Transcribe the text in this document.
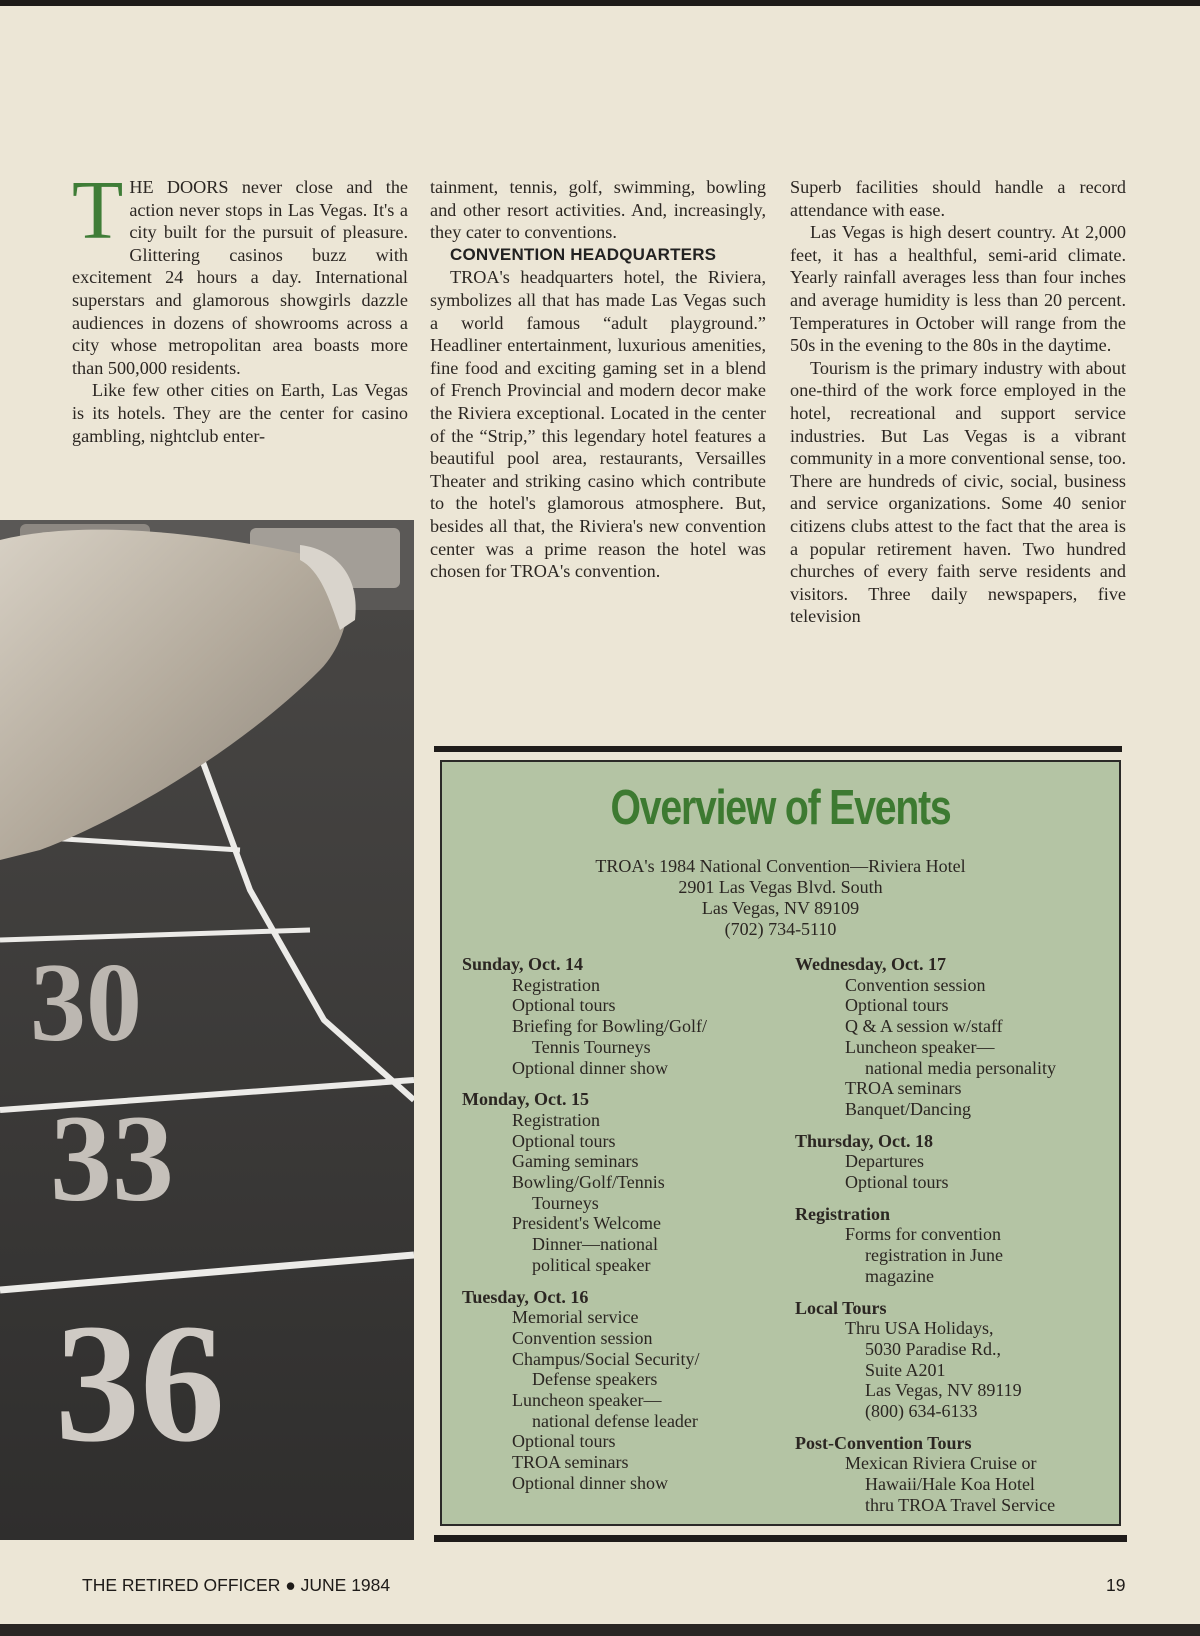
THE DOORS never close and the action never stops in Las Vegas. It's a city built for the pursuit of pleasure. Glittering casinos buzz with excitement 24 hours a day. International superstars and glamorous showgirls dazzle audiences in dozens of showrooms across a city whose metropolitan area boasts more than 500,000 residents.

Like few other cities on Earth, Las Vegas is its hotels. They are the center for casino gambling, nightclub enter-

tainment, tennis, golf, swimming, bowling and other resort activities. And, increasingly, they cater to conventions.

CONVENTION HEADQUARTERS

TROA's headquarters hotel, the Riviera, symbolizes all that has made Las Vegas such a world famous “adult playground.” Headliner entertainment, luxurious amenities, fine food and exciting gaming set in a blend of French Provincial and modern decor make the Riviera exceptional. Located in the center of the “Strip,” this legendary hotel features a beautiful pool area, restaurants, Versailles Theater and striking casino which contribute to the hotel's glamorous atmosphere. But, besides all that, the Riviera's new convention center was a prime reason the hotel was chosen for TROA's convention.

Superb facilities should handle a record attendance with ease.

Las Vegas is high desert country. At 2,000 feet, it has a healthful, semi-arid climate. Yearly rainfall averages less than four inches and average humidity is less than 20 percent. Temperatures in October will range from the 50s in the evening to the 80s in the daytime.

Tourism is the primary industry with about one-third of the work force employed in the hotel, recreational and support service industries. But Las Vegas is a vibrant community in a more conventional sense, too. There are hundreds of civic, social, business and service organizations. Some 40 senior citizens clubs attest to the fact that the area is a popular retirement haven. Two hundred churches of every faith serve residents and visitors. Three daily newspapers, five television

30
33
36
Overview of Events
TROA's 1984 National Convention—Riviera Hotel
2901 Las Vegas Blvd. South
Las Vegas, NV 89109
(702) 734-5110
Sunday, Oct. 14
Registration
Optional tours
Briefing for Bowling/Golf/
Tennis Tourneys
Optional dinner show
Monday, Oct. 15
Registration
Optional tours
Gaming seminars
Bowling/Golf/Tennis
Tourneys
President's Welcome
Dinner—national
political speaker
Tuesday, Oct. 16
Memorial service
Convention session
Champus/Social Security/
Defense speakers
Luncheon speaker—
national defense leader
Optional tours
TROA seminars
Optional dinner show
Wednesday, Oct. 17
Convention session
Optional tours
Q & A session w/staff
Luncheon speaker—
national media personality
TROA seminars
Banquet/Dancing
Thursday, Oct. 18
Departures
Optional tours
Registration
Forms for convention
registration in June
magazine
Local Tours
Thru USA Holidays,
5030 Paradise Rd.,
Suite A201
Las Vegas, NV 89119
(800) 634-6133
Post-Convention Tours
Mexican Riviera Cruise or
Hawaii/Hale Koa Hotel
thru TROA Travel Service
THE RETIRED OFFICER ● JUNE 1984	19
